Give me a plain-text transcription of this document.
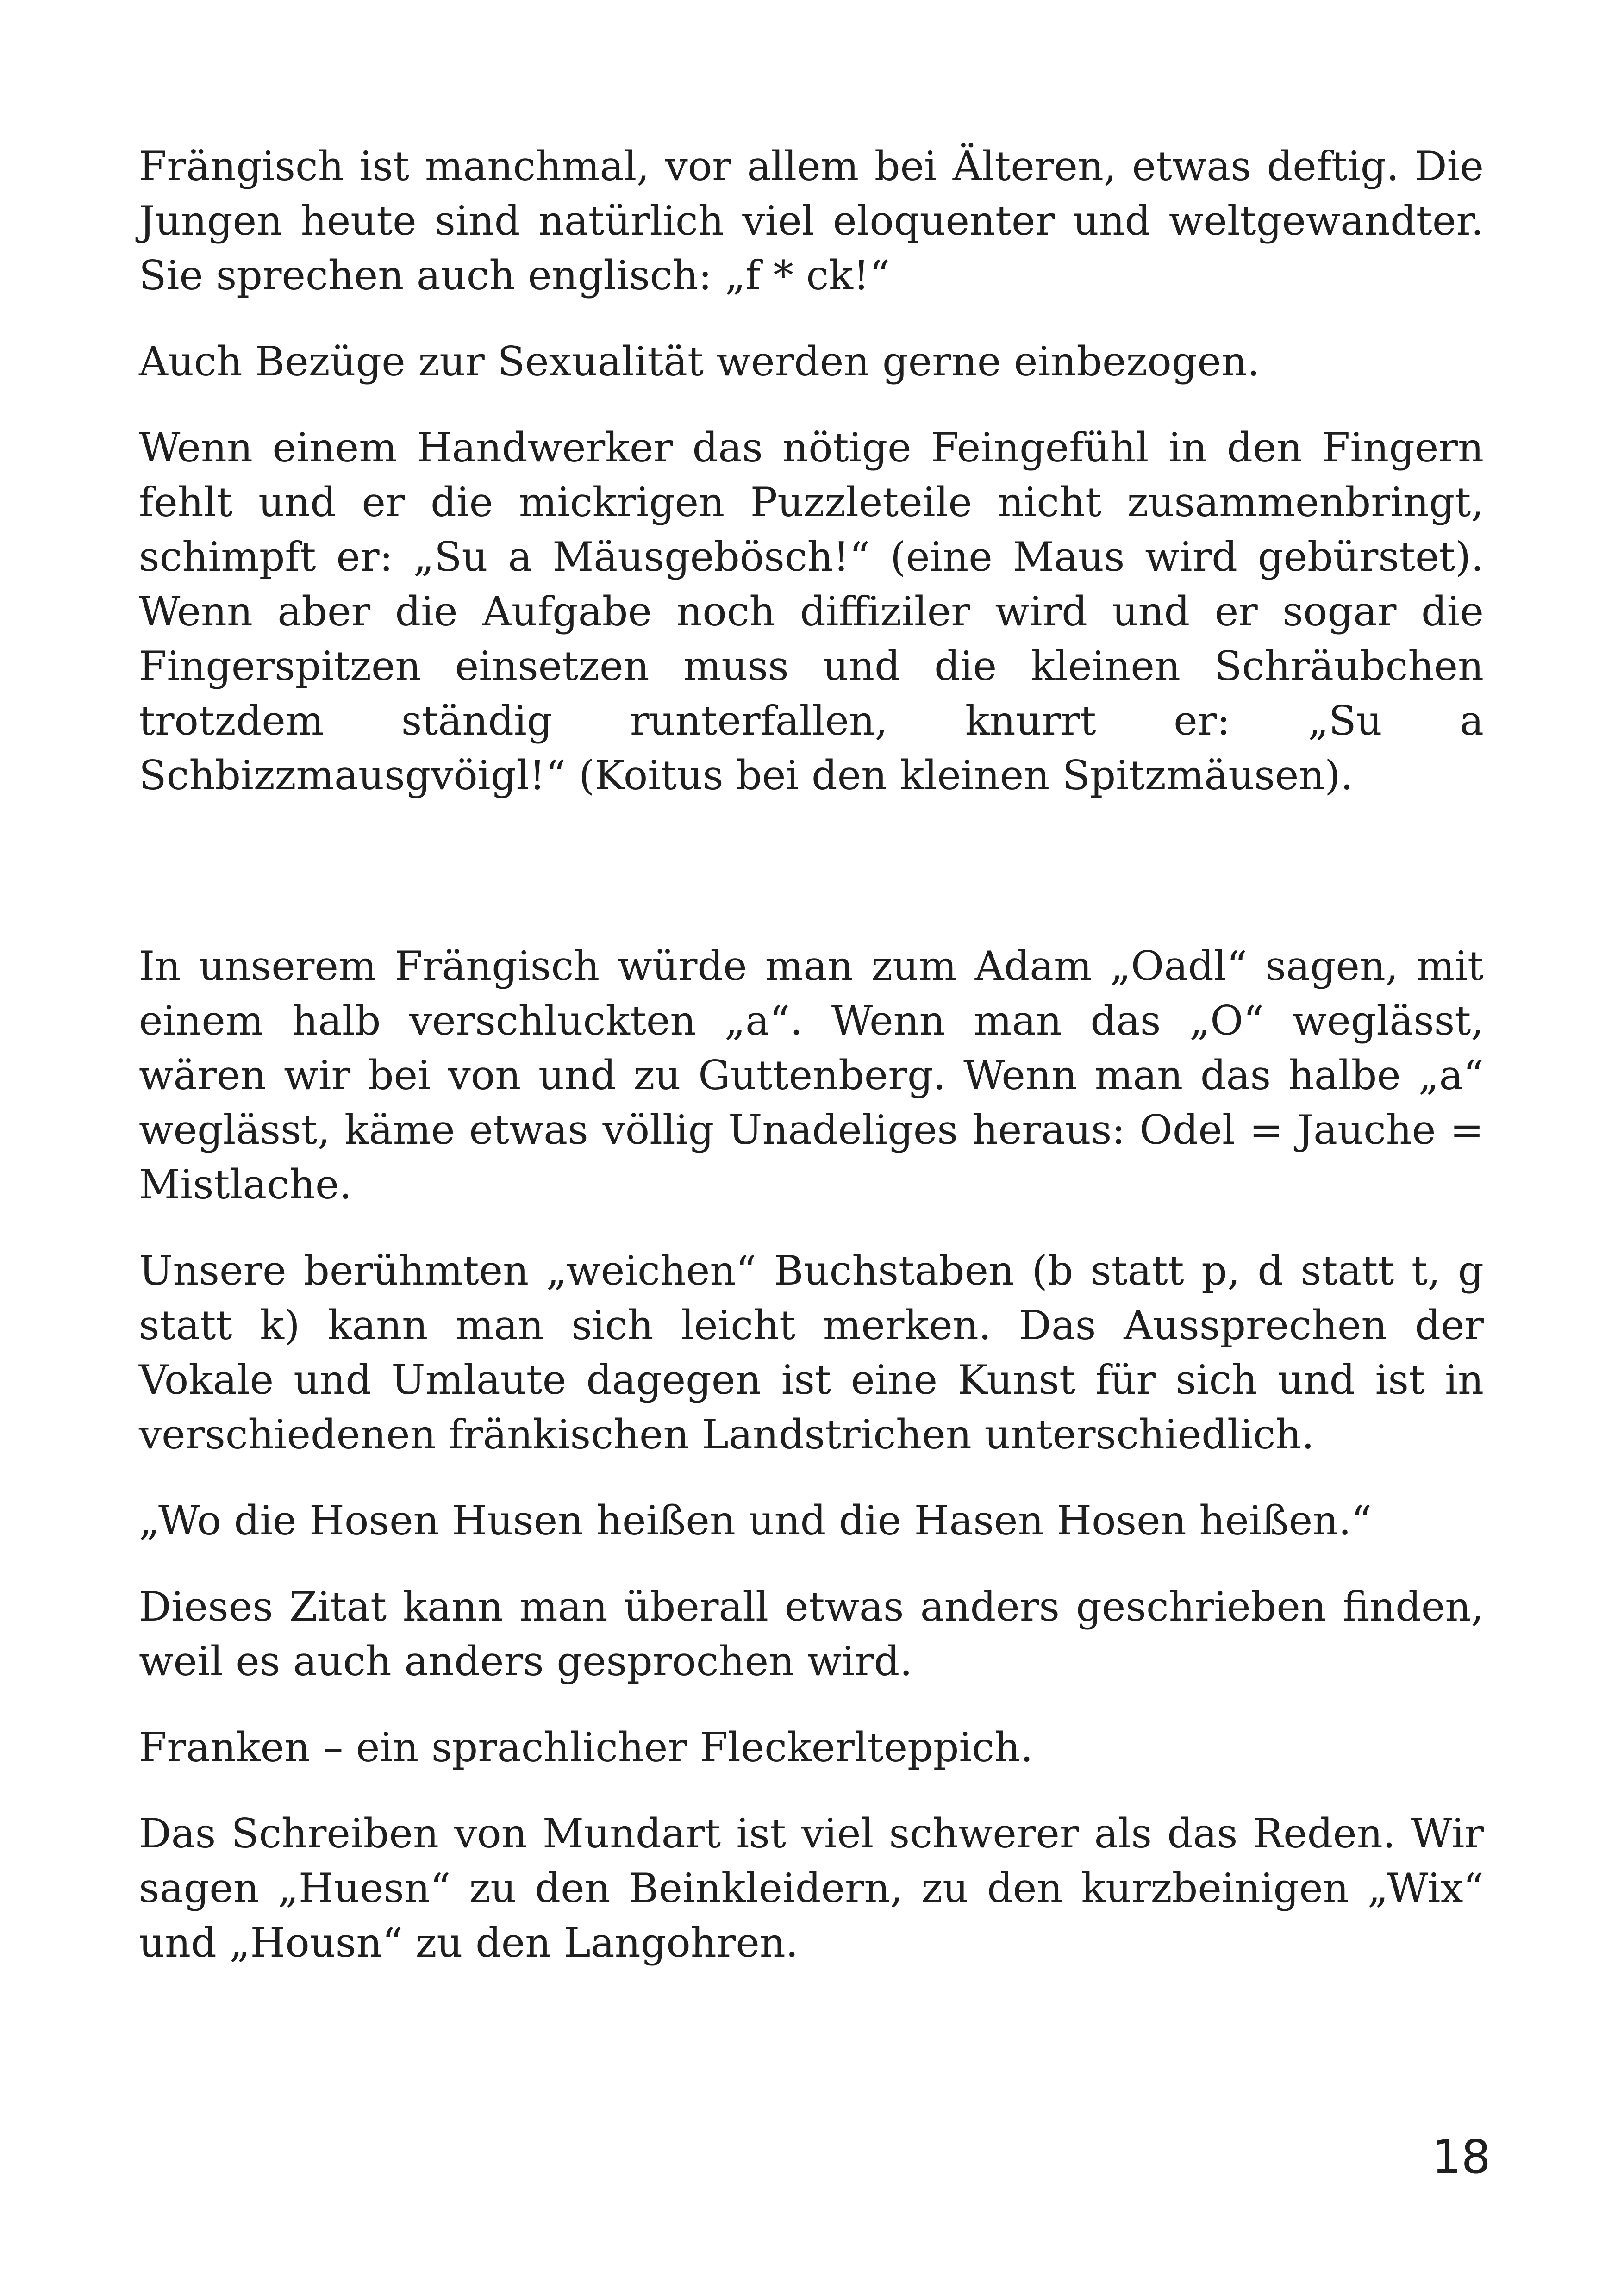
Frängisch ist manchmal, vor allem bei Älteren, etwas deftig. Die Jungen heute sind natürlich viel eloquenter und weltgewandter. Sie sprechen auch englisch: „f * ck!“

Auch Bezüge zur Sexualität werden gerne einbezogen.

Wenn einem Handwerker das nötige Feingefühl in den Fingern fehlt und er die mickrigen Puzzleteile nicht zusammenbringt, schimpft er: „Su a Mäusgebösch!“ (eine Maus wird gebürstet). Wenn aber die Aufgabe noch diffiziler wird und er sogar die Fingerspitzen einsetzen muss und die kleinen Schräubchen trotzdem ständig runterfallen, knurrt er: „Su a Schbizzmausgvöigl!“ (Koitus bei den kleinen Spitzmäusen).

In unserem Frängisch würde man zum Adam „Oadl“ sagen, mit einem halb verschluckten „a“. Wenn man das „O“ weglässt, wären wir bei von und zu Guttenberg. Wenn man das halbe „a“ weglässt, käme etwas völlig Unadeliges heraus: Odel = Jauche = Mistlache.

Unsere berühmten „weichen“ Buchstaben (b statt p, d statt t, g statt k) kann man sich leicht merken. Das Aussprechen der Vokale und Umlaute dagegen ist eine Kunst für sich und ist in verschiedenen fränkischen Landstrichen unterschiedlich.

„Wo die Hosen Husen heißen und die Hasen Hosen heißen.“

Dieses Zitat kann man überall etwas anders geschrieben finden, weil es auch anders gesprochen wird.

Franken – ein sprachlicher Fleckerlteppich.

Das Schreiben von Mundart ist viel schwerer als das Reden. Wir sagen „Huesn“ zu den Beinkleidern, zu den kurzbeinigen „Wix“ und „Housn“ zu den Langohren.

18
